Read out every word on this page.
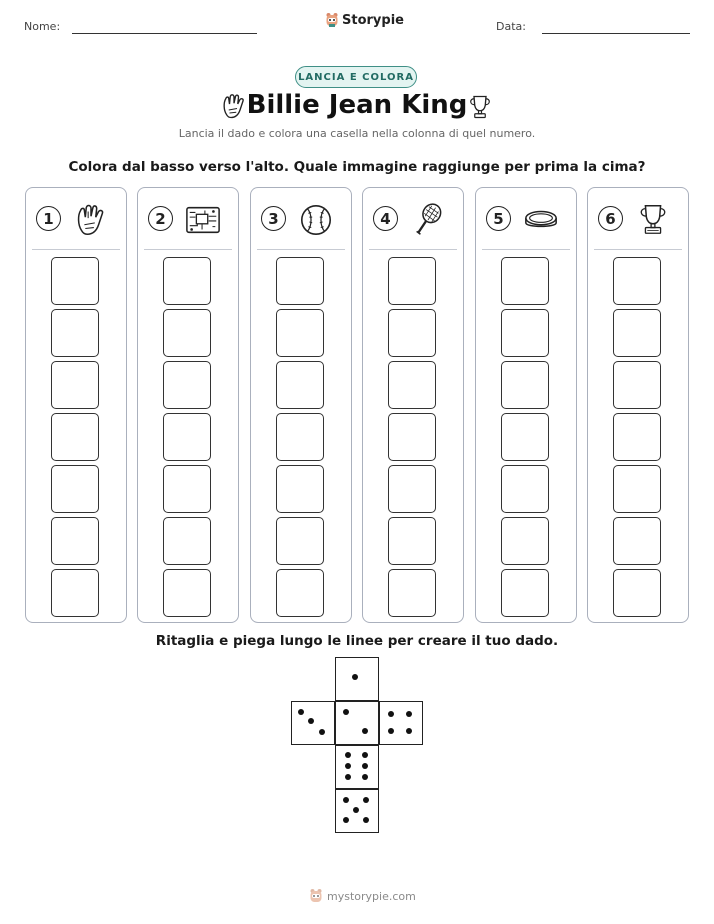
Nome:	Storypie	Data:
LANCIA E COLORA
Billie Jean King
Lancia il dado e colora una casella nella colonna di quel numero.
Colora dal basso verso l'alto. Quale immagine raggiunge per prima la cima?
1	2	3	4	5	6
Ritaglia e piega lungo le linee per creare il tuo dado.
mystorypie.com
